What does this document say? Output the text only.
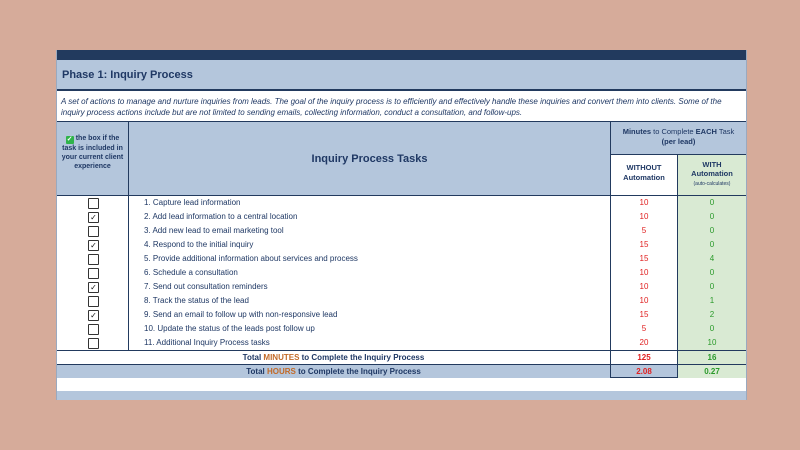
Phase 1: Inquiry Process
A set of actions to manage and nurture inquiries from leads. The goal of the inquiry process is to efficiently and effectively handle these inquiries and convert them into clients. Some of the inquiry process actions include but are not limited to sending emails, collecting information, conduct a consultation, and follow-ups.
✓ the box if the task is included in your current client experience
Inquiry Process Tasks
Minutes to Complete EACH Task
(per lead)
WITHOUT
Automation
WITH
Automation
(auto-calculates)
1. Capture lead information	10	0
✓	2. Add lead information to a central location	10	0
3. Add new lead to email marketing tool	5	0
✓	4. Respond to the initial inquiry	15	0
5. Provide additional information about services and process	15	4
6. Schedule a consultation	10	0
✓	7. Send out consultation reminders	10	0
8. Track the status of the lead	10	1
✓	9. Send an email to follow up with non-responsive lead	15	2
10. Update the status of the leads post follow up	5	0
11. Additional Inquiry Process tasks	20	10
Total MINUTES to Complete the Inquiry Process	125	16
Total HOURS to Complete the Inquiry Process	2.08	0.27
